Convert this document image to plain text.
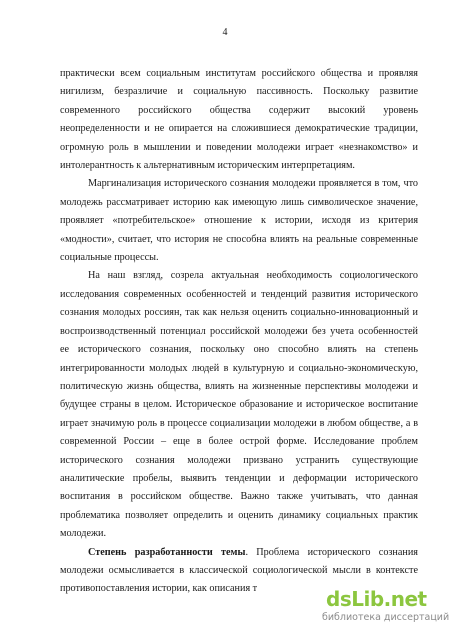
4

практически всем социальным институтам российского общества и проявляя нигилизм, безразличие и социальную пассивность. Поскольку развитие современного российского общества содержит высокий уровень неопределенности и не опирается на сложившиеся демократические традиции, огромную роль в мышлении и поведении молодежи играет «незнакомство» и интолерантность к альтернативным историческим интерпретациям.

Маргинализация исторического сознания молодежи проявляется в том, что молодежь рассматривает историю как имеющую лишь символическое значение, проявляет «потребительское» отношение к истории, исходя из критерия «модности», считает, что история не способна влиять на реальные современные социальные процессы.

На наш взгляд, созрела актуальная необходимость социологического исследования современных особенностей и тенденций развития исторического сознания молодых россиян, так как нельзя оценить социально-инновационный и воспроизводственный потенциал российской молодежи без учета особенностей ее исторического сознания, поскольку оно способно влиять на степень интегрированности молодых людей в культурную и социально-экономическую, политическую жизнь общества, влиять на жизненные перспективы молодежи и будущее страны в целом. Историческое образование и историческое воспитание играет значимую роль в процессе социализации молодежи в любом обществе, а в современной России – еще в более острой форме. Исследование проблем исторического сознания молодежи призвано устранить существующие аналитические пробелы, выявить тенденции и деформации исторического воспитания в российском обществе. Важно также учитывать, что данная проблематика позволяет определить и оценить динамику социальных практик молодежи.

Степень разработанности темы. Проблема исторического сознания молодежи осмысливается в классической социологической мысли в контексте противопоставления истории, как описания т	dsLib.net
библиотека диссертаций
